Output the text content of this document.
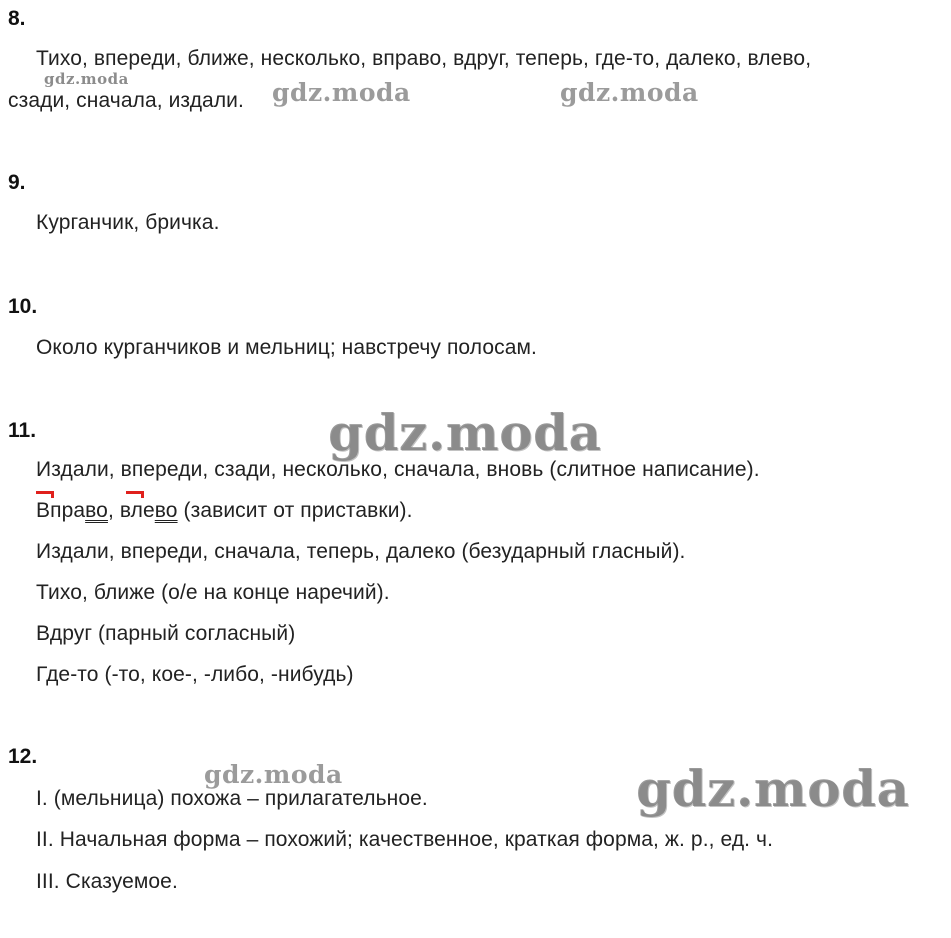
8.
Тихо, впереди, ближе, несколько, вправо, вдруг, теперь, где-то, далеко, влево,
сзади, сначала, издали.
9.
Курганчик, бричка.
10.
Около курганчиков и мельниц; навстречу полосам.
11.
Издали, впереди, сзади, несколько, сначала, вновь (слитное написание).
Вправо, влево (зависит от приставки).
Издали, впереди, сначала, теперь, далеко (безударный гласный).
Тихо, ближе (о/е на конце наречий).
Вдруг (парный согласный)
Где-то (-то, кое-, -либо, -нибудь)
12.
I. (мельница) похожа – прилагательное.
II. Начальная форма – похожий; качественное, краткая форма, ж. р., ед. ч.
III. Сказуемое.
gdz.moda	gdz.moda	gdz.moda
gdz.moda
gdz.moda	gdz.moda
